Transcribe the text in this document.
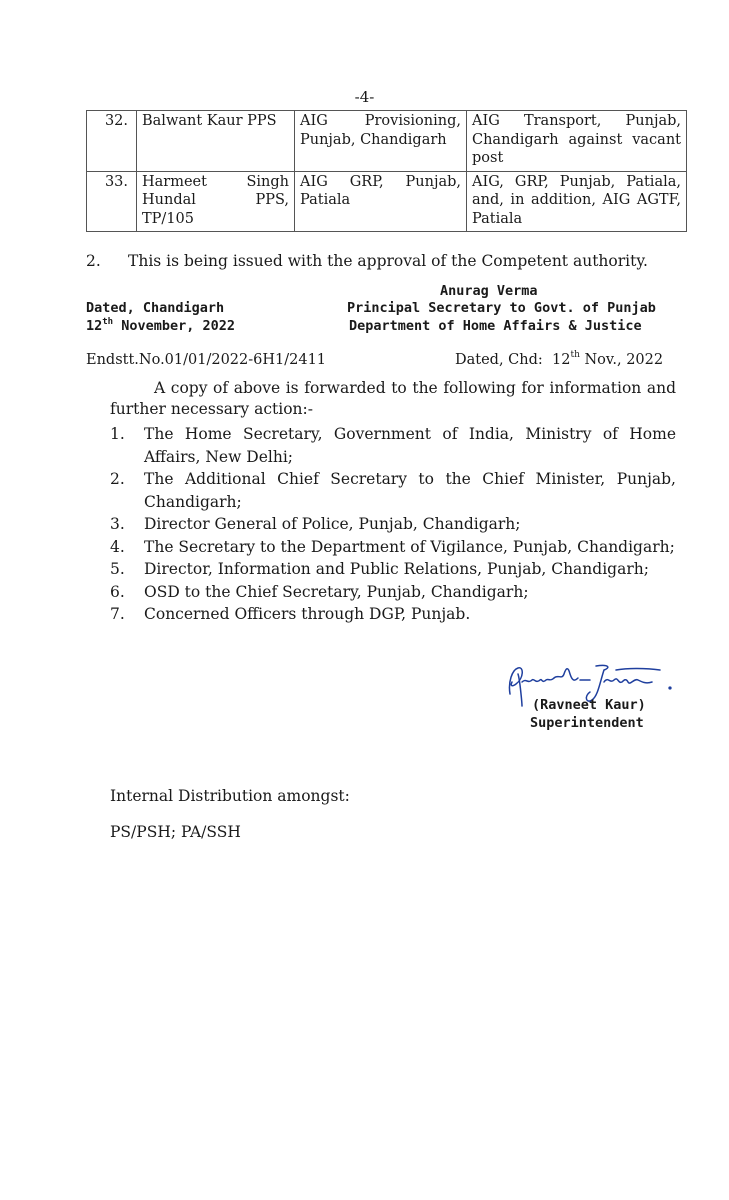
-4-
32.	Balwant Kaur PPS	AIG Provisioning, Punjab, Chandigarh	AIG Transport, Punjab, Chandigarh against vacant post
33.	Harmeet Singh Hundal PPS, TP/105	AIG GRP, Punjab, Patiala	AIG, GRP, Punjab, Patiala, and, in addition, AIG AGTF, Patiala
2. This is being issued with the approval of the Competent authority.
Anurag Verma
Dated, Chandigarh	Principal Secretary to Govt. of Punjab
12th November, 2022	Department of Home Affairs & Justice
Endstt.No.01/01/2022-6H1/2411	Dated, Chd:  12th Nov., 2022
A copy of above is forwarded to the following for information and further necessary action:-
1.	The Home Secretary, Government of India, Ministry of Home Affairs, New Delhi;
2.	The Additional Chief Secretary to the Chief Minister, Punjab, Chandigarh;
3.	Director General of Police, Punjab, Chandigarh;
4.	The Secretary to the Department of Vigilance, Punjab, Chandigarh;
5.	Director, Information and Public Relations, Punjab, Chandigarh;
6.	OSD to the Chief Secretary, Punjab, Chandigarh;
7.	Concerned Officers through DGP, Punjab.
(Ravneet Kaur)
Superintendent
Internal Distribution amongst:
PS/PSH; PA/SSH
